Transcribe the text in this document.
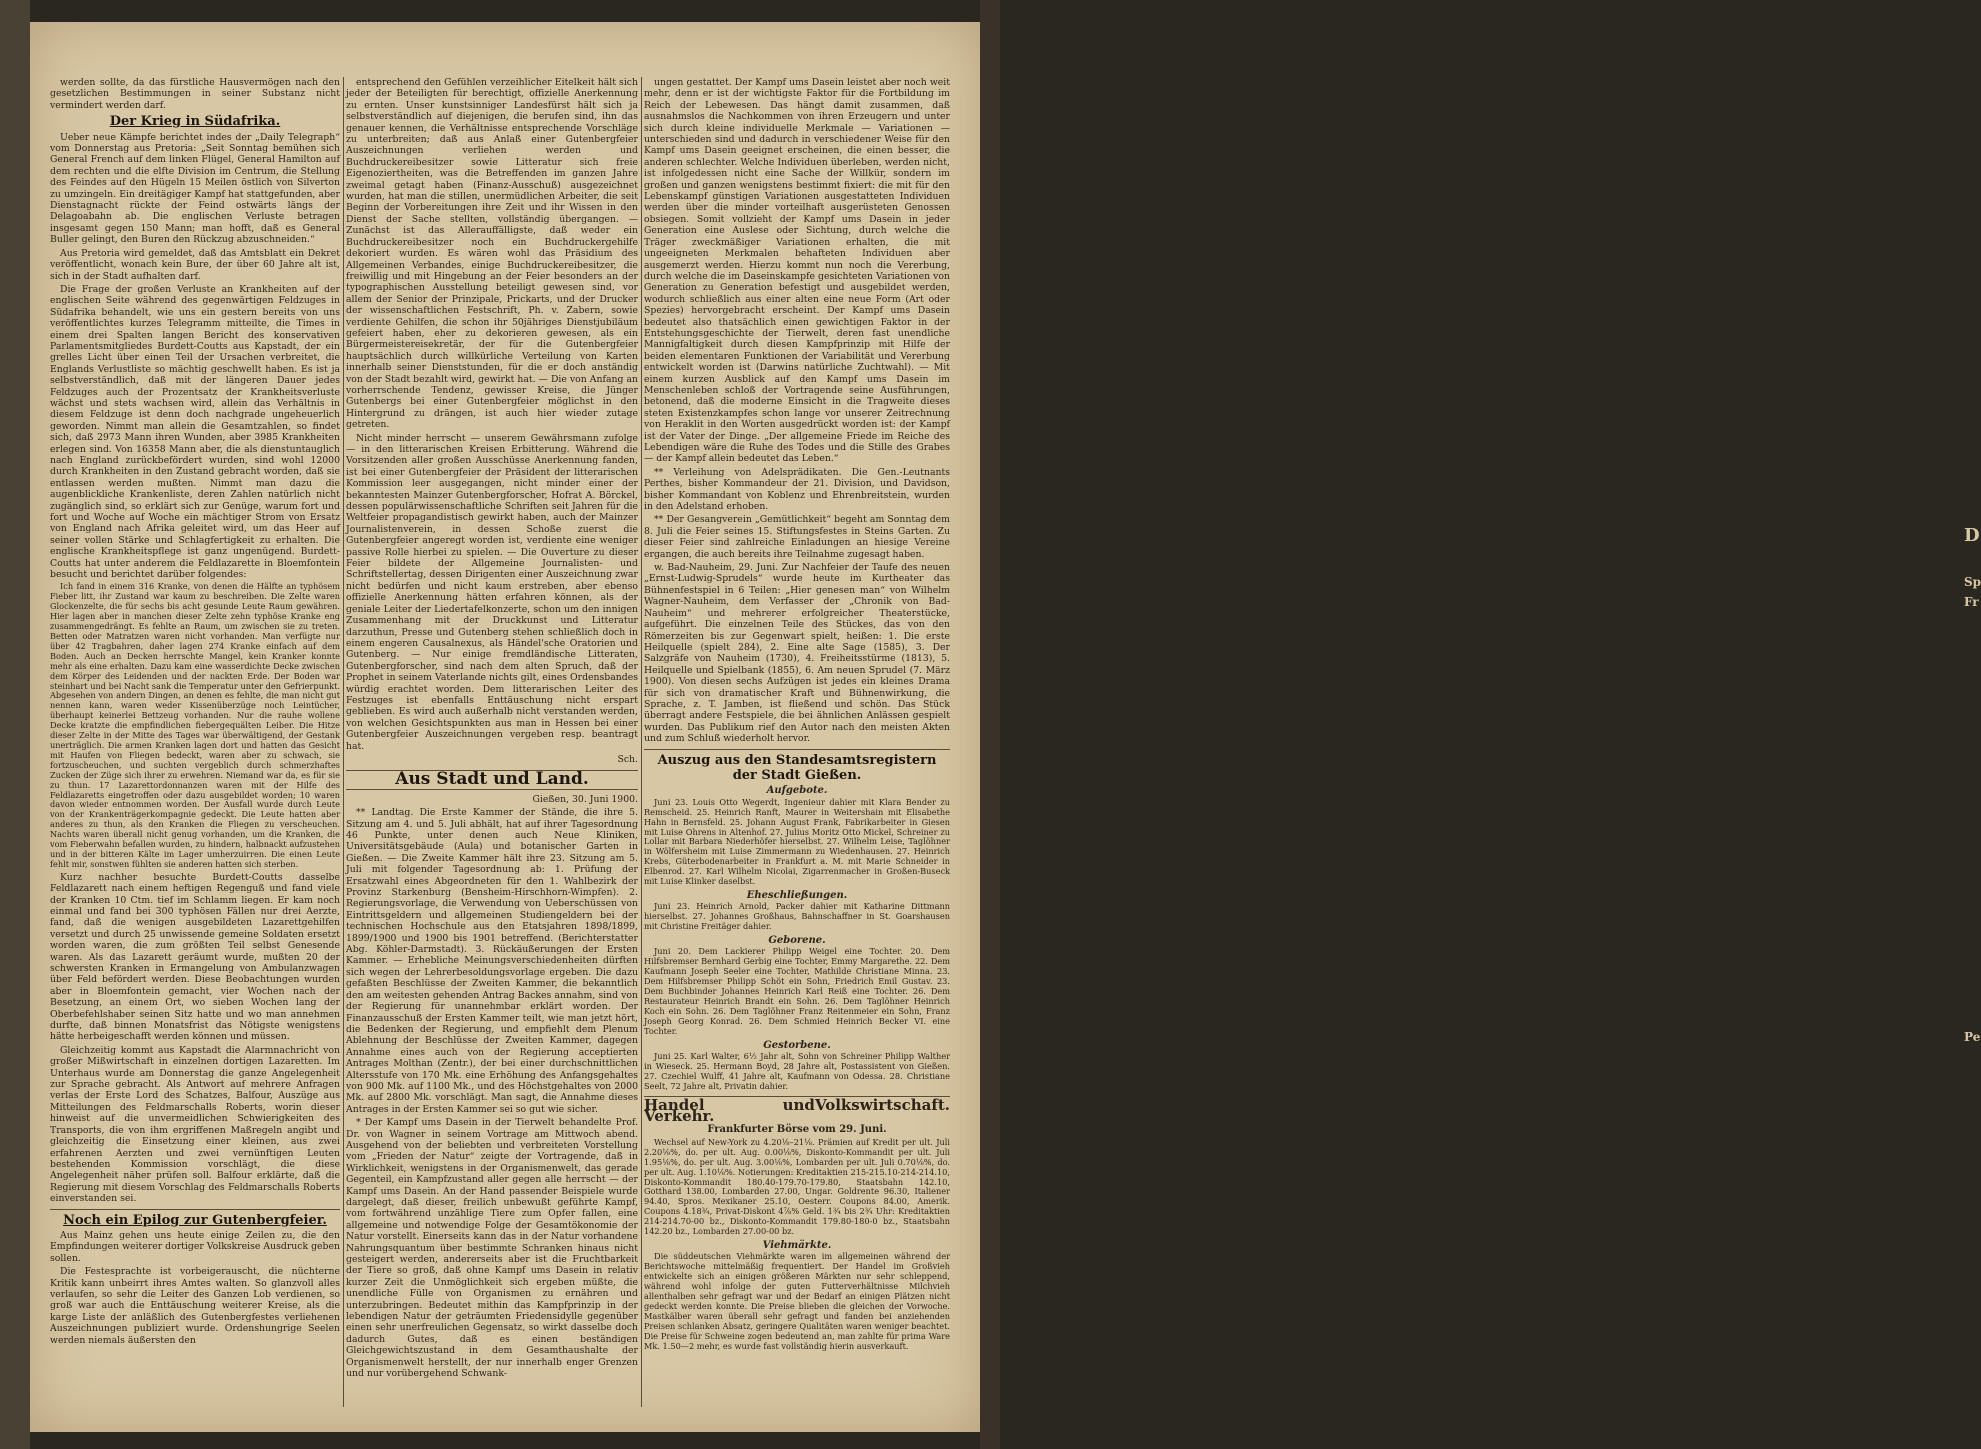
werden sollte, da das fürstliche Hausvermögen nach den gesetzlichen Bestimmungen in seiner Substanz nicht vermindert werden darf.

Der Krieg in Südafrika.

Ueber neue Kämpfe berichtet indes der „Daily Telegraph“ vom Donnerstag aus Pretoria: „Seit Sonntag bemühen sich General French auf dem linken Flügel, General Hamilton auf dem rechten und die elfte Division im Centrum, die Stellung des Feindes auf den Hügeln 15 Meilen östlich von Silverton zu umzingeln. Ein dreitägiger Kampf hat stattgefunden, aber Dienstagnacht rückte der Feind ostwärts längs der Delagoabahn ab. Die englischen Verluste betragen insgesamt gegen 150 Mann; man hofft, daß es General Buller gelingt, den Buren den Rückzug abzuschneiden.“

Aus Pretoria wird gemeldet, daß das Amtsblatt ein Dekret veröffentlicht, wonach kein Bure, der über 60 Jahre alt ist, sich in der Stadt aufhalten darf.

Die Frage der großen Verluste an Krankheiten auf der englischen Seite während des gegenwärtigen Feldzuges in Südafrika behandelt, wie uns ein gestern bereits von uns veröffentlichtes kurzes Telegramm mitteilte, die Times in einem drei Spalten langen Bericht des konservativen Parlamentsmitgliedes Burdett-Coutts aus Kapstadt, der ein grelles Licht über einen Teil der Ursachen verbreitet, die Englands Verlustliste so mächtig geschwellt haben. Es ist ja selbstverständlich, daß mit der längeren Dauer jedes Feldzuges auch der Prozentsatz der Krankheitsverluste wächst und stets wachsen wird, allein das Verhältnis in diesem Feldzuge ist denn doch nachgrade ungeheuerlich geworden. Nimmt man allein die Gesamtzahlen, so findet sich, daß 2973 Mann ihren Wunden, aber 3985 Krankheiten erlegen sind. Von 16358 Mann aber, die als dienstuntauglich nach England zurückbefördert wurden, sind wohl 12000 durch Krankheiten in den Zustand gebracht worden, daß sie entlassen werden mußten. Nimmt man dazu die augenblickliche Krankenliste, deren Zahlen natürlich nicht zugänglich sind, so erklärt sich zur Genüge, warum fort und fort und Woche auf Woche ein mächtiger Strom von Ersatz von England nach Afrika geleitet wird, um das Heer auf seiner vollen Stärke und Schlagfertigkeit zu erhalten. Die englische Krankheitspflege ist ganz ungenügend. Burdett-Coutts hat unter anderem die Feldlazarette in Bloemfontein besucht und berichtet darüber folgendes:

Ich fand in einem 316 Kranke, von denen die Hälfte an typhösem Fieber litt, ihr Zustand war kaum zu beschreiben. Die Zelte waren Glockenzelte, die für sechs bis acht gesunde Leute Raum gewähren. Hier lagen aber in manchen dieser Zelte zehn typhöse Kranke eng zusammengedrängt. Es fehlte an Raum, um zwischen sie zu treten. Betten oder Matratzen waren nicht vorhanden. Man verfügte nur über 42 Tragbahren, daher lagen 274 Kranke einfach auf dem Boden. Auch an Decken herrschte Mangel, kein Kranker konnte mehr als eine erhalten. Dazu kam eine wasserdichte Decke zwischen dem Körper des Leidenden und der nackten Erde. Der Boden war steinhart und bei Nacht sank die Temperatur unter den Gefrierpunkt. Abgesehen von andern Dingen, an denen es fehlte, die man nicht gut nennen kann, waren weder Kissenüberzüge noch Leintücher, überhaupt keinerlei Bettzeug vorhanden. Nur die rauhe wollene Decke kratzte die empfindlichen fiebergequälten Leiber. Die Hitze dieser Zelte in der Mitte des Tages war überwältigend, der Gestank unerträglich. Die armen Kranken lagen dort und hatten das Gesicht mit Haufen von Fliegen bedeckt, waren aber zu schwach, sie fortzuscheuchen, und suchten vergeblich durch schmerzhaftes Zucken der Züge sich ihrer zu erwehren. Niemand war da, es für sie zu thun. 17 Lazarettordonnanzen waren mit der Hilfe des Feldlazaretts eingetroffen oder dazu ausgebildet worden; 10 waren davon wieder entnommen worden. Der Ausfall wurde durch Leute von der Krankenträgerkompagnie gedeckt. Die Leute hatten aber anderes zu thun, als den Kranken die Fliegen zu verscheuchen. Nachts waren überall nicht genug vorhanden, um die Kranken, die vom Fieberwahn befallen wurden, zu hindern, halbnackt aufzustehen und in der bitteren Kälte im Lager umherzuirren. Die einen Leute fehlt mir, sonstwen fühlten sie anderen hatten sich sterben.

Kurz nachher besuchte Burdett-Coutts dasselbe Feldlazarett nach einem heftigen Regenguß und fand viele der Kranken 10 Ctm. tief im Schlamm liegen. Er kam noch einmal und fand bei 300 typhösen Fällen nur drei Aerzte, fand, daß die wenigen ausgebildeten Lazarettgehilfen versetzt und durch 25 unwissende gemeine Soldaten ersetzt worden waren, die zum größten Teil selbst Genesende waren. Als das Lazarett geräumt wurde, mußten 20 der schwersten Kranken in Ermangelung von Ambulanzwagen über Feld befördert werden. Diese Beobachtungen wurden aber in Bloemfontein gemacht, vier Wochen nach der Besetzung, an einem Ort, wo sieben Wochen lang der Oberbefehlshaber seinen Sitz hatte und wo man annehmen durfte, daß binnen Monatsfrist das Nötigste wenigstens hätte herbeigeschafft werden können und müssen.

Gleichzeitig kommt aus Kapstadt die Alarmnachricht von großer Mißwirtschaft in einzelnen dortigen Lazaretten. Im Unterhaus wurde am Donnerstag die ganze Angelegenheit zur Sprache gebracht. Als Antwort auf mehrere Anfragen verlas der Erste Lord des Schatzes, Balfour, Auszüge aus Mitteilungen des Feldmarschalls Roberts, worin dieser hinweist auf die unvermeidlichen Schwierigkeiten des Transports, die von ihm ergriffenen Maßregeln angibt und gleichzeitig die Einsetzung einer kleinen, aus zwei erfahrenen Aerzten und zwei vernünftigen Leuten bestehenden Kommission vorschlägt, die diese Angelegenheit näher prüfen soll. Balfour erklärte, daß die Regierung mit diesem Vorschlag des Feldmarschalls Roberts einverstanden sei.

Noch ein Epilog zur Gutenbergfeier.

Aus Mainz gehen uns heute einige Zeilen zu, die den Empfindungen weiterer dortiger Volkskreise Ausdruck geben sollen.

Die Festesprachte ist vorbeigerauscht, die nüchterne Kritik kann unbeirrt ihres Amtes walten. So glanzvoll alles verlaufen, so sehr die Leiter des Ganzen Lob verdienen, so groß war auch die Enttäuschung weiterer Kreise, als die karge Liste der anläßlich des Gutenbergfestes verliehenen Auszeichnungen publiziert wurde. Ordenshungrige Seelen werden niemals äußersten den

entsprechend den Gefühlen verzeihlicher Eitelkeit hält sich jeder der Beteiligten für berechtigt, offizielle Anerkennung zu ernten. Unser kunstsinniger Landesfürst hält sich ja selbstverständlich auf diejenigen, die berufen sind, ihn das genauer kennen, die Verhältnisse entsprechende Vorschläge zu unterbreiten; daß aus Anlaß einer Gutenbergfeier Auszeichnungen verliehen werden und Buchdruckereibesitzer sowie Litteratur sich freie Eigenoziertheiten, was die Betreffenden im ganzen Jahre zweimal getagt haben (Finanz-Ausschuß) ausgezeichnet wurden, hat man die stillen, unermüdlichen Arbeiter, die seit Beginn der Vorbereitungen ihre Zeit und ihr Wissen in den Dienst der Sache stellten, vollständig übergangen. — Zunächst ist das Allerauffälligste, daß weder ein Buchdruckereibesitzer noch ein Buchdruckergehilfe dekoriert wurden. Es wären wohl das Präsidium des Allgemeinen Verbandes, einige Buchdruckereibesitzer, die freiwillig und mit Hingebung an der Feier besonders an der typographischen Ausstellung beteiligt gewesen sind, vor allem der Senior der Prinzipale, Prickarts, und der Drucker der wissenschaftlichen Festschrift, Ph. v. Zabern, sowie verdiente Gehilfen, die schon ihr 50jähriges Dienstjubiläum gefeiert haben, eher zu dekorieren gewesen, als ein Bürgermeistereisekretär, der für die Gutenbergfeier hauptsächlich durch willkürliche Verteilung von Karten innerhalb seiner Dienststunden, für die er doch anständig von der Stadt bezahlt wird, gewirkt hat. — Die von Anfang an vorherrschende Tendenz, gewisser Kreise, die Jünger Gutenbergs bei einer Gutenbergfeier möglichst in den Hintergrund zu drängen, ist auch hier wieder zutage getreten.

Nicht minder herrscht — unserem Gewährsmann zufolge — in den litterarischen Kreisen Erbitterung. Während die Vorsitzenden aller großen Ausschüsse Anerkennung fanden, ist bei einer Gutenbergfeier der Präsident der litterarischen Kommission leer ausgegangen, nicht minder einer der bekanntesten Mainzer Gutenbergforscher, Hofrat A. Börckel, dessen populärwissenschaftliche Schriften seit Jahren für die Weltfeier propagandistisch gewirkt haben, auch der Mainzer Journalistenverein, in dessen Schoße zuerst die Gutenbergfeier angeregt worden ist, verdiente eine weniger passive Rolle hierbei zu spielen. — Die Ouverture zu dieser Feier bildete der Allgemeine Journalisten- und Schriftstellertag, dessen Dirigenten einer Auszeichnung zwar nicht bedürfen und nicht kaum erstreben, aber ebenso offizielle Anerkennung hätten erfahren können, als der geniale Leiter der Liedertafelkonzerte, schon um den innigen Zusammenhang mit der Druckkunst und Litteratur darzuthun, Presse und Gutenberg stehen schließlich doch in einem engeren Causalnexus, als Händel'sche Oratorien und Gutenberg. — Nur einige fremdländische Litteraten, Gutenbergforscher, sind nach dem alten Spruch, daß der Prophet in seinem Vaterlande nichts gilt, eines Ordensbandes würdig erachtet worden. Dem litterarischen Leiter des Festzuges ist ebenfalls Enttäuschung nicht erspart geblieben. Es wird auch außerhalb nicht verstanden werden, von welchen Gesichtspunkten aus man in Hessen bei einer Gutenbergfeier Auszeichnungen vergeben resp. beantragt hat.

Sch.
Aus Stadt und Land.
Gießen, 30. Juni 1900.

** Landtag. Die Erste Kammer der Stände, die ihre 5. Sitzung am 4. und 5. Juli abhält, hat auf ihrer Tagesordnung 46 Punkte, unter denen auch Neue Kliniken, Universitätsgebäude (Aula) und botanischer Garten in Gießen. — Die Zweite Kammer hält ihre 23. Sitzung am 5. Juli mit folgender Tagesordnung ab: 1. Prüfung der Ersatzwahl eines Abgeordneten für den 1. Wahlbezirk der Provinz Starkenburg (Bensheim-Hirschhorn-Wimpfen). 2. Regierungsvorlage, die Verwendung von Ueberschüssen von Eintrittsgeldern und allgemeinen Studiengeldern bei der technischen Hochschule aus den Etatsjahren 1898/1899, 1899/1900 und 1900 bis 1901 betreffend. (Berichterstatter Abg. Köhler-Darmstadt). 3. Rückäußerungen der Ersten Kammer. — Erhebliche Meinungsverschiedenheiten dürften sich wegen der Lehrerbesoldungsvorlage ergeben. Die dazu gefaßten Beschlüsse der Zweiten Kammer, die bekanntlich den am weitesten gehenden Antrag Backes annahm, sind von der Regierung für unannehmbar erklärt worden. Der Finanzausschuß der Ersten Kammer teilt, wie man jetzt hört, die Bedenken der Regierung, und empfiehlt dem Plenum Ablehnung der Beschlüsse der Zweiten Kammer, dagegen Annahme eines auch von der Regierung acceptierten Antrages Molthan (Zentr.), der bei einer durchschnittlichen Altersstufe von 170 Mk. eine Erhöhung des Anfangsgehaltes von 900 Mk. auf 1100 Mk., und des Höchstgehaltes von 2000 Mk. auf 2800 Mk. vorschlägt. Man sagt, die Annahme dieses Antrages in der Ersten Kammer sei so gut wie sicher.

* Der Kampf ums Dasein in der Tierwelt behandelte Prof. Dr. von Wagner in seinem Vortrage am Mittwoch abend. Ausgehend von der beliebten und verbreiteten Vorstellung vom „Frieden der Natur“ zeigte der Vortragende, daß in Wirklichkeit, wenigstens in der Organismenwelt, das gerade Gegenteil, ein Kampfzustand aller gegen alle herrscht — der Kampf ums Dasein. An der Hand passender Beispiele wurde dargelegt, daß dieser, freilich unbewußt geführte Kampf, vom fortwährend unzählige Tiere zum Opfer fallen, eine allgemeine und notwendige Folge der Gesamtökonomie der Natur vorstellt. Einerseits kann das in der Natur vorhandene Nahrungsquantum über bestimmte Schranken hinaus nicht gesteigert werden, andererseits aber ist die Fruchtbarkeit der Tiere so groß, daß ohne Kampf ums Dasein in relativ kurzer Zeit die Unmöglichkeit sich ergeben müßte, die unendliche Fülle von Organismen zu ernähren und unterzubringen. Bedeutet mithin das Kampfprinzip in der lebendigen Natur der geträumten Friedensidylle gegenüber einen sehr unerfreulichen Gegensatz, so wirkt dasselbe doch dadurch Gutes, daß es einen beständigen Gleichgewichtszustand in dem Gesamthaushalte der Organismenwelt herstellt, der nur innerhalb enger Grenzen und nur vorübergehend Schwank-

ungen gestattet. Der Kampf ums Dasein leistet aber noch weit mehr, denn er ist der wichtigste Faktor für die Fortbildung im Reich der Lebewesen. Das hängt damit zusammen, daß ausnahmslos die Nachkommen von ihren Erzeugern und unter sich durch kleine individuelle Merkmale — Variationen — unterschieden sind und dadurch in verschiedener Weise für den Kampf ums Dasein geeignet erscheinen, die einen besser, die anderen schlechter. Welche Individuen überleben, werden nicht, ist infolgedessen nicht eine Sache der Willkür, sondern im großen und ganzen wenigstens bestimmt fixiert: die mit für den Lebenskampf günstigen Variationen ausgestatteten Individuen werden über die minder vorteilhaft ausgerüsteten Genossen obsiegen. Somit vollzieht der Kampf ums Dasein in jeder Generation eine Auslese oder Sichtung, durch welche die Träger zweckmäßiger Variationen erhalten, die mit ungeeigneten Merkmalen behafteten Individuen aber ausgemerzt werden. Hierzu kommt nun noch die Vererbung, durch welche die im Daseinskampfe gesichteten Variationen von Generation zu Generation befestigt und ausgebildet werden, wodurch schließlich aus einer alten eine neue Form (Art oder Spezies) hervorgebracht erscheint. Der Kampf ums Dasein bedeutet also thatsächlich einen gewichtigen Faktor in der Entstehungsgeschichte der Tierwelt, deren fast unendliche Mannigfaltigkeit durch diesen Kampfprinzip mit Hilfe der beiden elementaren Funktionen der Variabilität und Vererbung entwickelt worden ist (Darwins natürliche Zuchtwahl). — Mit einem kurzen Ausblick auf den Kampf ums Dasein im Menschenleben schloß der Vortragende seine Ausführungen, betonend, daß die moderne Einsicht in die Tragweite dieses steten Existenzkampfes schon lange vor unserer Zeitrechnung von Heraklit in den Worten ausgedrückt worden ist: der Kampf ist der Vater der Dinge. „Der allgemeine Friede im Reiche des Lebendigen wäre die Ruhe des Todes und die Stille des Grabes — der Kampf allein bedeutet das Leben.“

** Verleihung von Adelsprädikaten. Die Gen.-Leutnants Perthes, bisher Kommandeur der 21. Division, und Davidson, bisher Kommandant von Koblenz und Ehrenbreitstein, wurden in den Adelstand erhoben.

** Der Gesangverein „Gemütlichkeit“ begeht am Sonntag dem 8. Juli die Feier seines 15. Stiftungsfestes in Steins Garten. Zu dieser Feier sind zahlreiche Einladungen an hiesige Vereine ergangen, die auch bereits ihre Teilnahme zugesagt haben.

w. Bad-Nauheim, 29. Juni. Zur Nachfeier der Taufe des neuen „Ernst-Ludwig-Sprudels“ wurde heute im Kurtheater das Bühnenfestspiel in 6 Teilen: „Hier genesen man“ von Wilhelm Wagner-Nauheim, dem Verfasser der „Chronik von Bad-Nauheim“ und mehrerer erfolgreicher Theaterstücke, aufgeführt. Die einzelnen Teile des Stückes, das von den Römerzeiten bis zur Gegenwart spielt, heißen: 1. Die erste Heilquelle (spielt 284), 2. Eine alte Sage (1585), 3. Der Salzgräfe von Nauheim (1730), 4. Freiheitsstürme (1813), 5. Heilquelle und Spielbank (1855), 6. Am neuen Sprudel (7. März 1900). Von diesen sechs Aufzügen ist jedes ein kleines Drama für sich von dramatischer Kraft und Bühnenwirkung, die Sprache, z. T. Jamben, ist fließend und schön. Das Stück überragt andere Festspiele, die bei ähnlichen Anlässen gespielt wurden. Das Publikum rief den Autor nach den meisten Akten und zum Schluß wiederholt hervor.

Auszug aus den Standesamtsregistern
der Stadt Gießen.
Aufgebote.

Juni 23. Louis Otto Wegerdt, Ingenieur dahier mit Klara Bender zu Remscheid. 25. Heinrich Ranft, Maurer in Weitershain mit Elisabethe Hahn in Bernsfeld. 25. Johann August Frank, Fabrikarbeiter in Giesen mit Luise Ohrens in Altenhof. 27. Julius Moritz Otto Mickel, Schreiner zu Lollar mit Barbara Niederhöfer hierselbst. 27. Wilhelm Leise, Taglöhner in Wölfersheim mit Luise Zimmermann zu Wiedenhausen. 27. Heinrich Krebs, Güterbodenarbeiter in Frankfurt a. M. mit Marie Schneider in Elbenrod. 27. Karl Wilhelm Nicolai, Zigarrenmacher in Großen-Buseck mit Luise Klinker daselbst.

Eheschließungen.

Juni 23. Heinrich Arnold, Packer dahier mit Katharine Dittmann hierselbst. 27. Johannes Großhaus, Bahnschaffner in St. Goarshausen mit Christine Freitäger dahier.

Geborene.

Juni 20. Dem Lackierer Philipp Weigel eine Tochter. 20. Dem Hilfsbremser Bernhard Gerbig eine Tochter, Emmy Margarethe. 22. Dem Kaufmann Joseph Seeler eine Tochter, Mathilde Christiane Minna. 23. Dem Hilfsbremser Philipp Schöt ein Sohn, Friedrich Emil Gustav. 23. Dem Buchbinder Johannes Heinrich Karl Reiß eine Tochter. 26. Dem Restaurateur Heinrich Brandt ein Sohn. 26. Dem Taglöhner Heinrich Koch ein Sohn. 26. Dem Taglöhner Franz Reitenmeier ein Sohn, Franz Joseph Georg Konrad. 26. Dem Schmied Heinrich Becker VI. eine Tochter.

Gestorbene.

Juni 25. Karl Walter, 6½ Jahr alt, Sohn von Schreiner Philipp Walther in Wieseck. 25. Hermann Boyd, 28 Jahre alt, Postassistent von Gießen. 27. Czechiel Wulff, 41 Jahre alt, Kaufmann von Odessa. 28. Christiane Seelt, 72 Jahre alt, Privatin dahier.

Handel und Verkehr.
Volkswirtschaft.
Frankfurter Börse vom 29. Juni.

Wechsel auf New-York zu 4.20⅛–21⅛. Prämien auf Kredit per ult. Juli 2.20⅛%, do. per ult. Aug. 0.00⅛%, Diskonto-Kommandit per ult. Juli 1.95⅛%, do. per ult. Aug. 3.00⅛%, Lombarden per ult. Juli 0.70⅛%, do. per ult. Aug. 1.10⅛%. Notierungen: Kreditaktien 215-215.10-214-214.10, Diskonto-Kommandit 180.40-179.70-179.80, Staatsbahn 142.10, Gotthard 138.00, Lombarden 27.00, Ungar. Goldrente 96.30, Italiener 94.40, Spros. Mexikaner 25.10, Oesterr. Coupons 84.00, Amerik. Coupons 4.18¾, Privat-Diskont 4⅞% Geld. 1¾ bis 2¾ Uhr: Kreditaktien 214-214.70-00 bz., Diskonto-Kommandit 179.80-180-0 bz., Staatsbahn 142.20 bz., Lombarden 27.00-00 bz.

Viehmärkte.

Die süddeutschen Viehmärkte waren im allgemeinen während der Berichtswoche mittelmäßig frequentiert. Der Handel im Großvieh entwickelte sich an einigen größeren Märkten nur sehr schleppend, während wohl infolge der guten Futterverhältnisse Milchvieh allenthalben sehr gefragt war und der Bedarf an einigen Plätzen nicht gedeckt werden konnte. Die Preise blieben die gleichen der Vorwoche. Mastkälber waren überall sehr gefragt und fanden bei anziehenden Preisen schlanken Absatz, geringere Qualitäten waren weniger beachtet. Die Preise für Schweine zogen bedeutend an, man zahlte für prima Ware Mk. 1.50—2 mehr, es wurde fast vollständig hierin ausverkauft.

D
Sp
Fr
Pe
